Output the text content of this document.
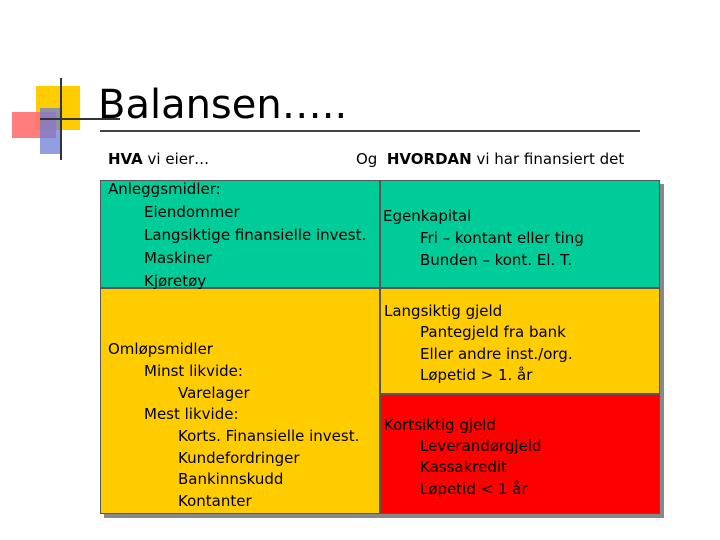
Balansen…..
HVA vi eier…	Og  HVORDAN vi har finansiert det
Anleggsmidler:
Eiendommer
Langsiktige finansielle invest.
Maskiner
Kjøretøy
Omløpsmidler
Minst likvide:
Varelager
Mest likvide:
Korts. Finansielle invest.
Kundefordringer
Bankinnskudd
Kontanter
Egenkapital
Fri – kontant eller ting
Bunden – kont. El. T.
Langsiktig gjeld
Pantegjeld fra bank
Eller andre inst./org.
Løpetid > 1. år
Kortsiktig gjeld
Leverandørgjeld
Kassakredit
Løpetid < 1 år
